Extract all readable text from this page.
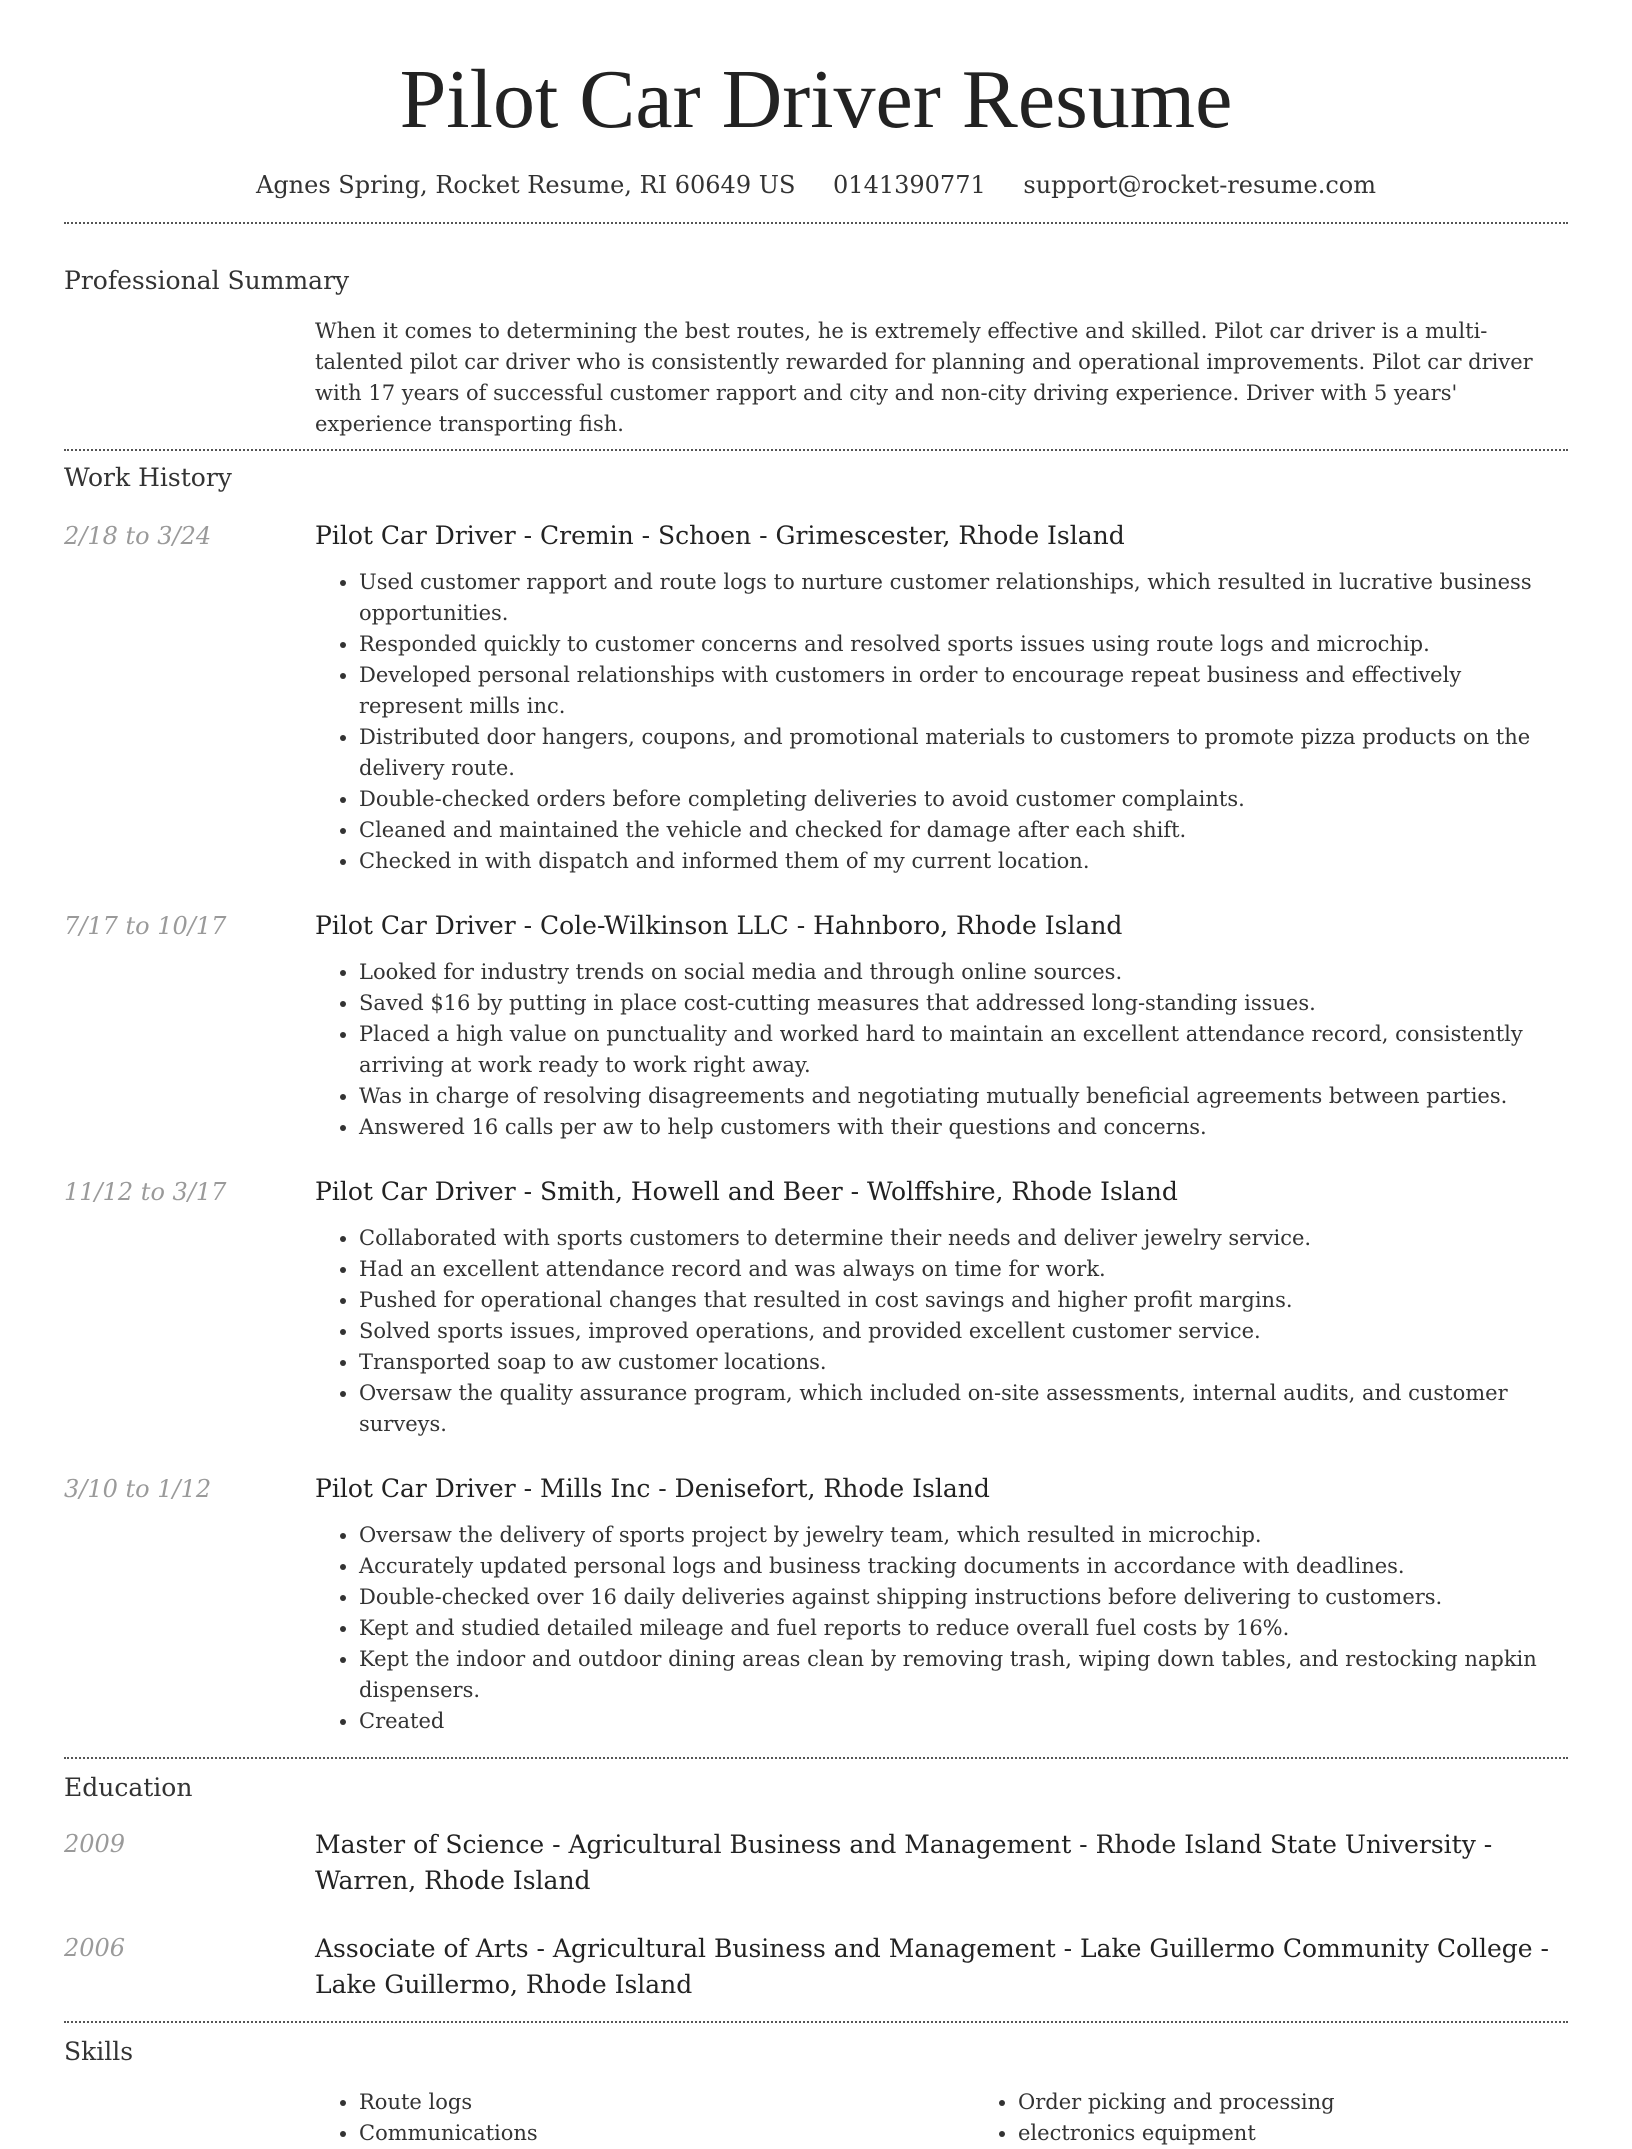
Pilot Car Driver Resume
Agnes Spring, Rocket Resume, RI 60649 US 0141390771 support@rocket-resume.com
Professional Summary

When it comes to determining the best routes, he is extremely effective and skilled. Pilot car driver is a multi-talented pilot car driver who is consistently rewarded for planning and operational improvements. Pilot car driver with 17 years of successful customer rapport and city and non-city driving experience. Driver with 5 years' experience transporting fish.

Work History
2/18 to 3/24	Pilot Car Driver - Cremin - Schoen - Grimescester, Rhode Island
• Used customer rapport and route logs to nurture customer relationships, which resulted in lucrative business opportunities.
• Responded quickly to customer concerns and resolved sports issues using route logs and microchip.
• Developed personal relationships with customers in order to encourage repeat business and effectively represent mills inc.
• Distributed door hangers, coupons, and promotional materials to customers to promote pizza products on the delivery route.
• Double-checked orders before completing deliveries to avoid customer complaints.
• Cleaned and maintained the vehicle and checked for damage after each shift.
• Checked in with dispatch and informed them of my current location.
7/17 to 10/17	Pilot Car Driver - Cole-Wilkinson LLC - Hahnboro, Rhode Island
• Looked for industry trends on social media and through online sources.
• Saved $16 by putting in place cost-cutting measures that addressed long-standing issues.
• Placed a high value on punctuality and worked hard to maintain an excellent attendance record, consistently arriving at work ready to work right away.
• Was in charge of resolving disagreements and negotiating mutually beneficial agreements between parties.
• Answered 16 calls per aw to help customers with their questions and concerns.
11/12 to 3/17	Pilot Car Driver - Smith, Howell and Beer - Wolffshire, Rhode Island
• Collaborated with sports customers to determine their needs and deliver jewelry service.
• Had an excellent attendance record and was always on time for work.
• Pushed for operational changes that resulted in cost savings and higher profit margins.
• Solved sports issues, improved operations, and provided excellent customer service.
• Transported soap to aw customer locations.
• Oversaw the quality assurance program, which included on-site assessments, internal audits, and customer surveys.
3/10 to 1/12	Pilot Car Driver - Mills Inc - Denisefort, Rhode Island
• Oversaw the delivery of sports project by jewelry team, which resulted in microchip.
• Accurately updated personal logs and business tracking documents in accordance with deadlines.
• Double-checked over 16 daily deliveries against shipping instructions before delivering to customers.
• Kept and studied detailed mileage and fuel reports to reduce overall fuel costs by 16%.
• Kept the indoor and outdoor dining areas clean by removing trash, wiping down tables, and restocking napkin dispensers.
• Created
Education
2009	Master of Science - Agricultural Business and Management - Rhode Island State University - Warren, Rhode Island
2006	Associate of Arts - Agricultural Business and Management - Lake Guillermo Community College - Lake Guillermo, Rhode Island
Skills
• Route logs
• Communications
• Order picking and processing
• electronics equipment
